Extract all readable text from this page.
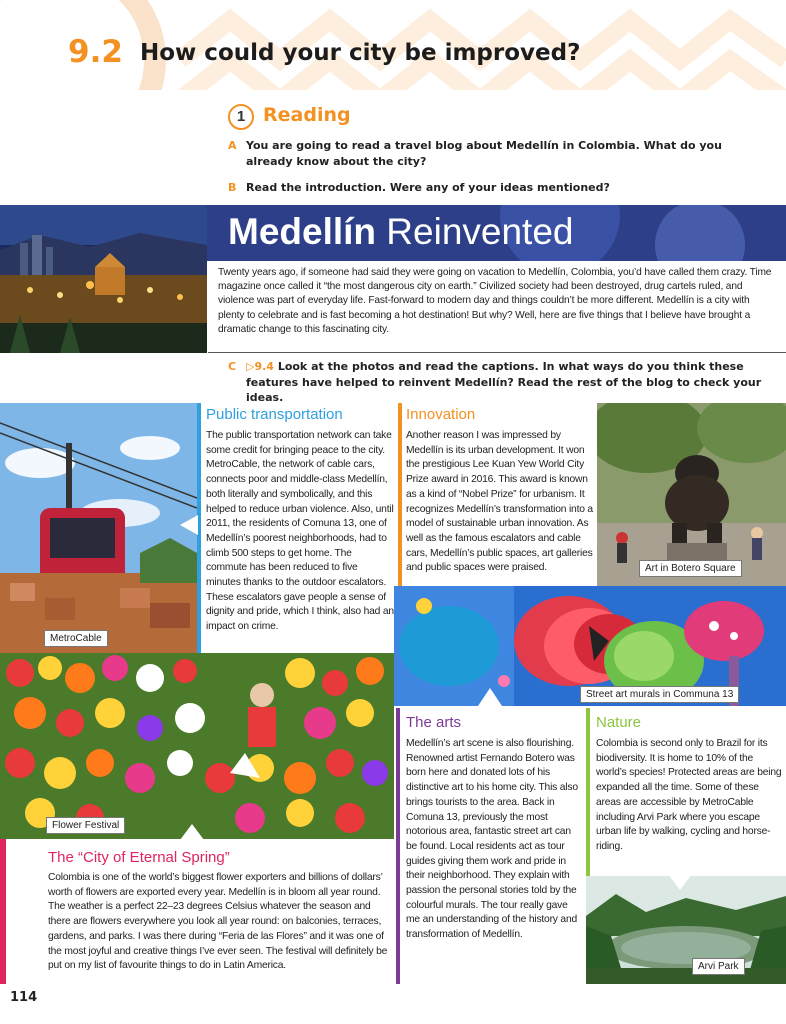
9.2 How could your city be improved?
1 Reading
A You are going to read a travel blog about Medellín in Colombia. What do you already know about the city?
B Read the introduction. Were any of your ideas mentioned?
Medellín Reinvented

Twenty years ago, if someone had said they were going on vacation to Medellín, Colombia, you’d have called them crazy. Time magazine once called it “the most dangerous city on earth.” Civilized society had been destroyed, drug cartels ruled, and violence was part of everyday life. Fast-forward to modern day and things couldn’t be more different. Medellín is a city with plenty to celebrate and is fast becoming a hot destination! But why? Well, here are five things that I believe have brought a dramatic change to this fascinating city.

C ▷9.4 Look at the photos and read the captions. In what ways do you think these features have helped to reinvent Medellín? Read the rest of the blog to check your ideas.
MetroCable
Public transportation
The public transportation network can take some credit for bringing peace to the city. MetroCable, the network of cable cars, connects poor and middle-class Medellín, both literally and symbolically, and this helped to reduce urban violence. Also, until 2011, the residents of Comuna 13, one of Medellín’s poorest neighborhoods, had to climb 500 steps to get home. The commute has been reduced to five minutes thanks to the outdoor escalators. These escalators gave people a sense of dignity and pride, which I think, also had an impact on crime.
Innovation
Another reason I was impressed by Medellín is its urban development. It won the prestigious Lee Kuan Yew World City Prize award in 2016. This award is known as a kind of “Nobel Prize” for urbanism. It recognizes Medellín’s transformation into a model of sustainable urban innovation. As well as the famous escalators and cable cars, Medellín’s public spaces, art galleries and public spaces were praised.	Art in Botero Square
Street art murals in Communa 13
Flower Festival
The arts
Medellín’s art scene is also flourishing. Renowned artist Fernando Botero was born here and donated lots of his distinctive art to his home city. This also brings tourists to the area. Back in Comuna 13, previously the most notorious area, fantastic street art can be found. Local residents act as tour guides giving them work and pride in their neighborhood. They explain with passion the personal stories told by the colourful murals. The tour really gave me an understanding of the history and transformation of Medellín.
Nature
Colombia is second only to Brazil for its biodiversity. It is home to 10% of the world’s species! Protected areas are being expanded all the time. Some of these areas are accessible by MetroCable including Arvi Park where you escape urban life by walking, cycling and horse-riding.
Arvi Park
The “City of Eternal Spring”
Colombia is one of the world’s biggest flower exporters and billions of dollars’ worth of flowers are exported every year. Medellín is in bloom all year round. The weather is a perfect 22–23 degrees Celsius whatever the season and there are flowers everywhere you look all year round: on balconies, terraces, gardens, and parks. I was there during “Feria de las Flores” and it was one of the most joyful and creative things I’ve ever seen. The festival will definitely be put on my list of favourite things to do in Latin America.
114
